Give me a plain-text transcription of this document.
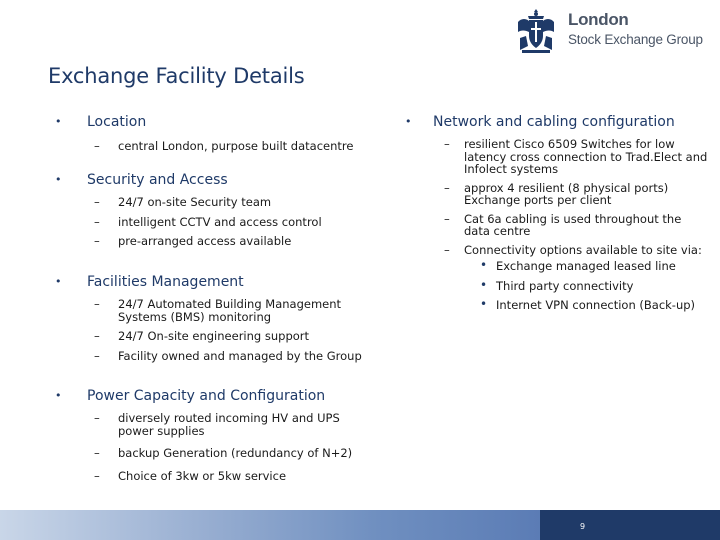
London
Stock Exchange Group
Exchange Facility Details
• Location
– central London, purpose built datacentre
• Security and Access
– 24/7 on-site Security team
– intelligent CCTV and access control
– pre-arranged access available
• Facilities Management
– 24/7 Automated Building Management Systems (BMS) monitoring
– 24/7 On-site engineering support
– Facility owned and managed by the Group
• Power Capacity and Configuration
– diversely routed incoming HV and UPS power supplies
– backup Generation (redundancy of N+2)
– Choice of 3kw or 5kw service
• Network and cabling configuration
– resilient Cisco 6509 Switches for low latency cross connection to Trad.Elect and Infolect systems
– approx 4 resilient (8 physical ports) Exchange ports per client
– Cat 6a cabling is used throughout the data centre
– Connectivity options available to site via:
• Exchange managed leased line
• Third party connectivity
• Internet VPN connection (Back-up)
9
